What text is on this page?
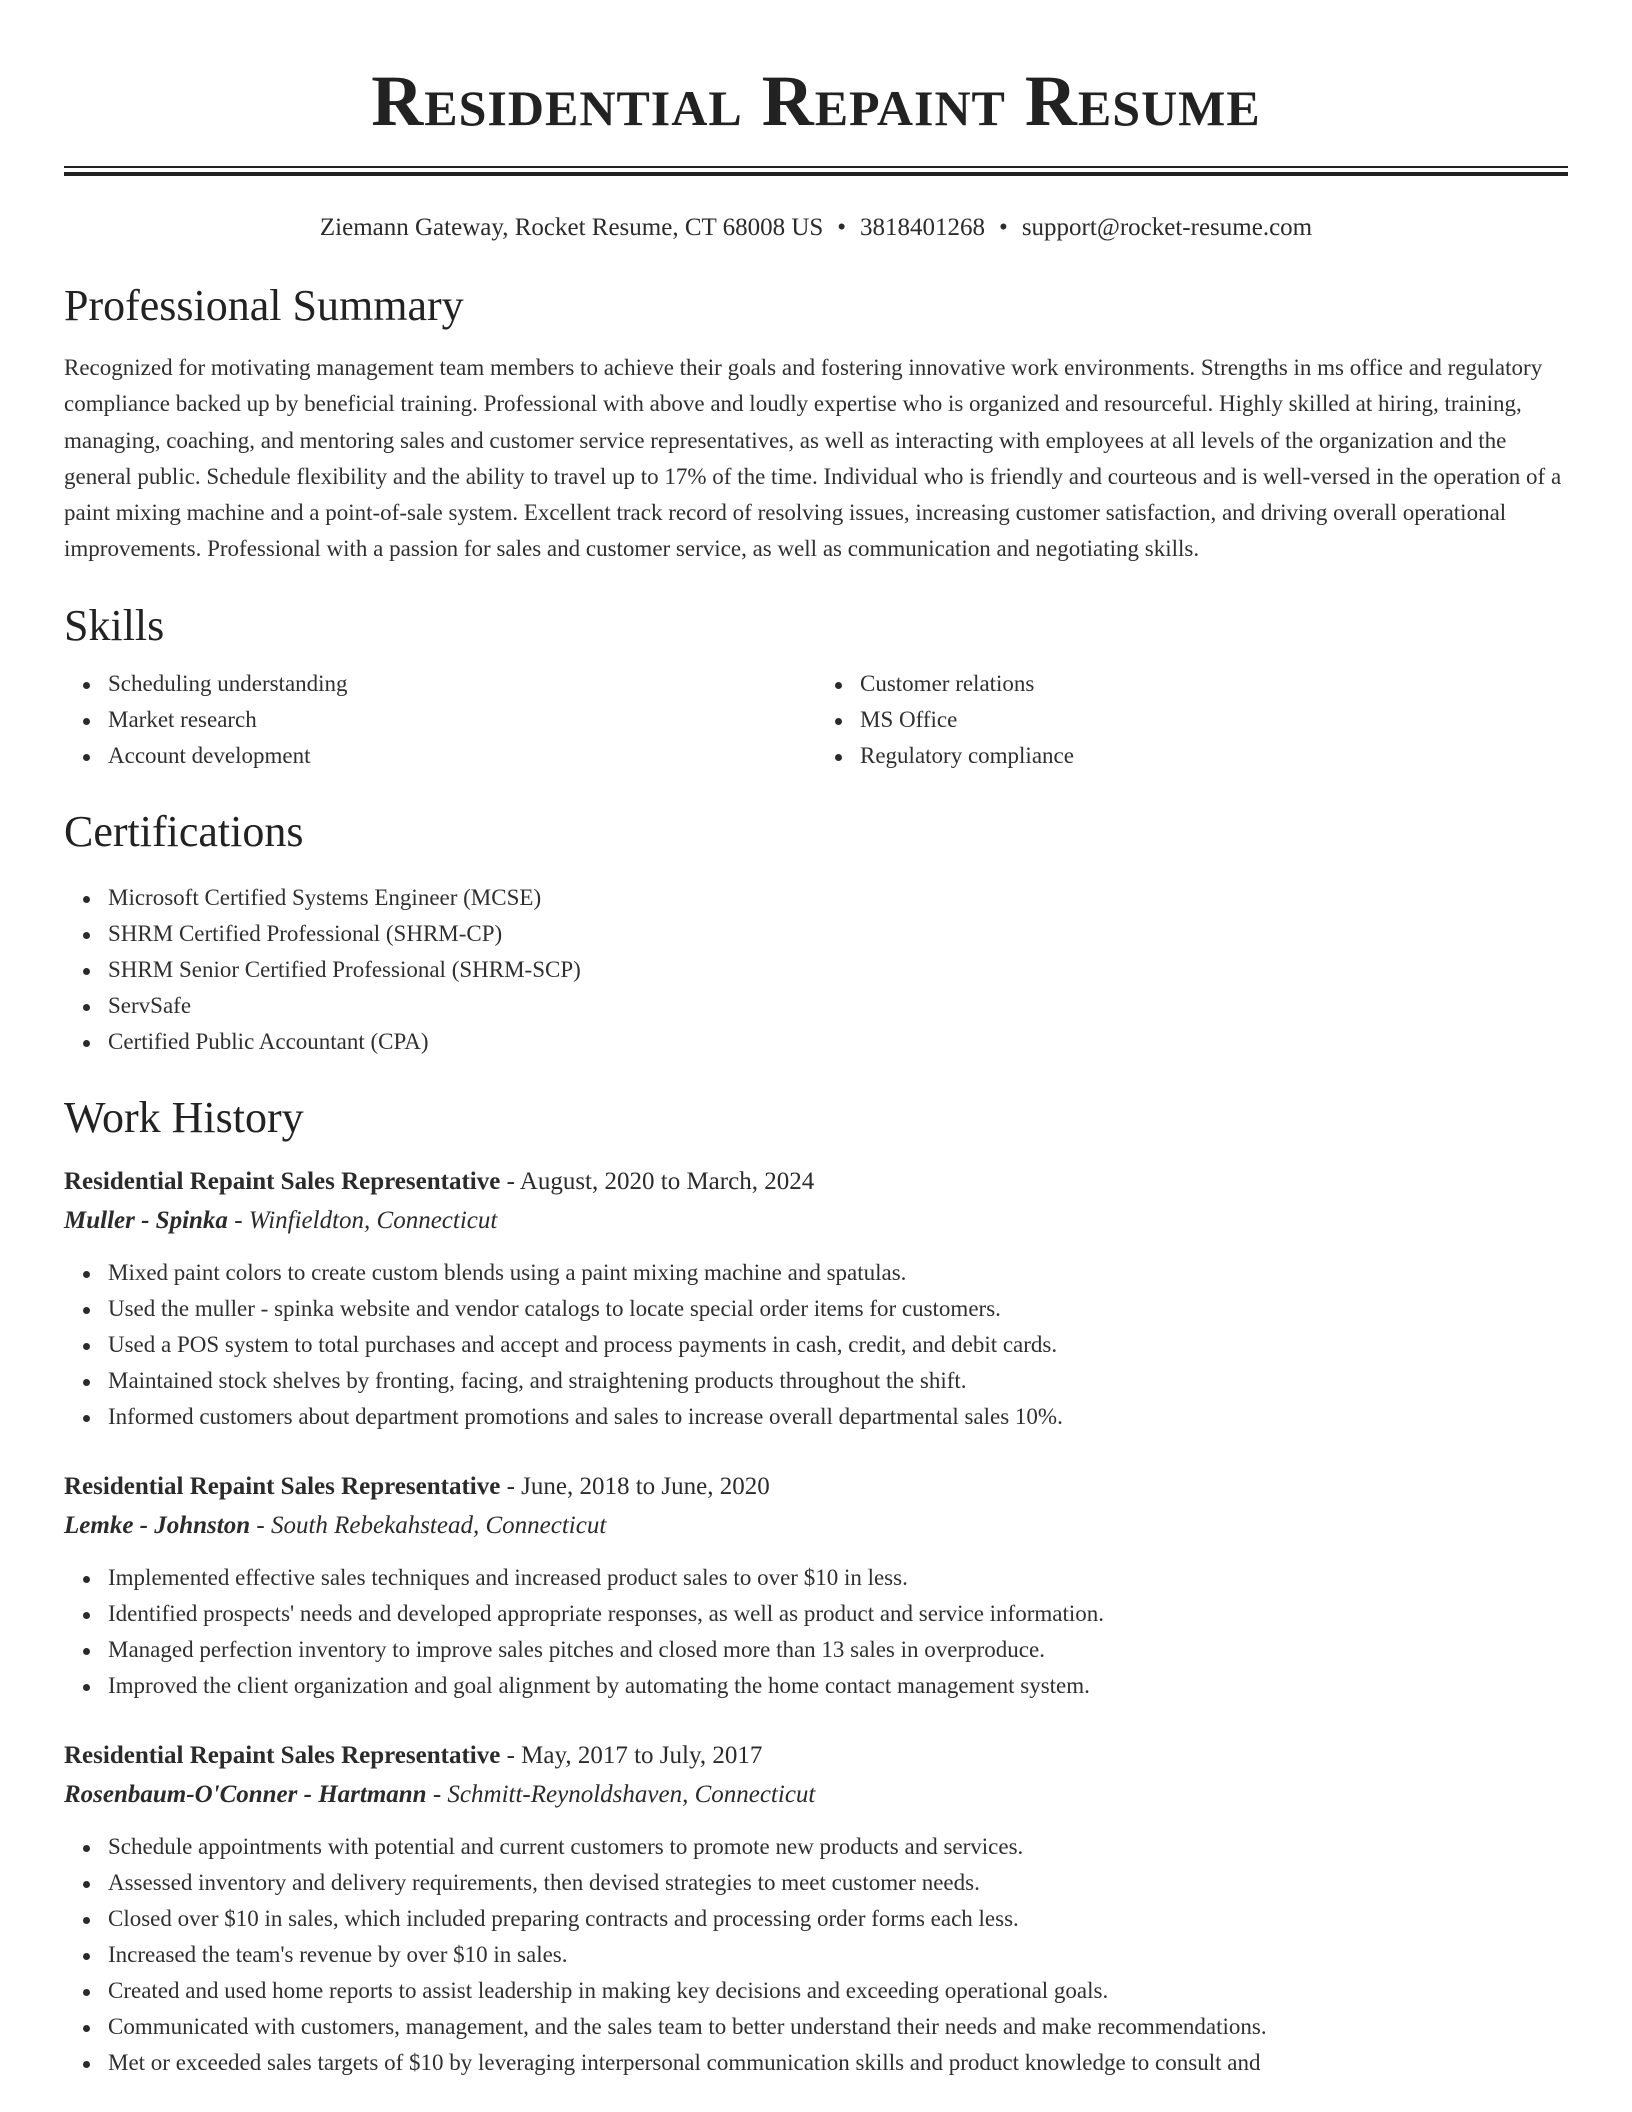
Residential Repaint Resume
Ziemann Gateway, Rocket Resume, CT 68008 US • 3818401268 • support@rocket-resume.com
Professional Summary
Recognized for motivating management team members to achieve their goals and fostering innovative work environments. Strengths in ms office and regulatory compliance backed up by beneficial training. Professional with above and loudly expertise who is organized and resourceful. Highly skilled at hiring, training, managing, coaching, and mentoring sales and customer service representatives, as well as interacting with employees at all levels of the organization and the general public. Schedule flexibility and the ability to travel up to 17% of the time. Individual who is friendly and courteous and is well-versed in the operation of a paint mixing machine and a point-of-sale system. Excellent track record of resolving issues, increasing customer satisfaction, and driving overall operational improvements. Professional with a passion for sales and customer service, as well as communication and negotiating skills.
Skills
Scheduling understanding
Market research
Account development
Customer relations
MS Office
Regulatory compliance
Certifications
Microsoft Certified Systems Engineer (MCSE)
SHRM Certified Professional (SHRM-CP)
SHRM Senior Certified Professional (SHRM-SCP)
ServSafe
Certified Public Accountant (CPA)
Work History
Residential Repaint Sales Representative - August, 2020 to March, 2024
Muller - Spinka - Winfieldton, Connecticut
Mixed paint colors to create custom blends using a paint mixing machine and spatulas.
Used the muller - spinka website and vendor catalogs to locate special order items for customers.
Used a POS system to total purchases and accept and process payments in cash, credit, and debit cards.
Maintained stock shelves by fronting, facing, and straightening products throughout the shift.
Informed customers about department promotions and sales to increase overall departmental sales 10%.
Residential Repaint Sales Representative - June, 2018 to June, 2020
Lemke - Johnston - South Rebekahstead, Connecticut
Implemented effective sales techniques and increased product sales to over $10 in less.
Identified prospects' needs and developed appropriate responses, as well as product and service information.
Managed perfection inventory to improve sales pitches and closed more than 13 sales in overproduce.
Improved the client organization and goal alignment by automating the home contact management system.
Residential Repaint Sales Representative - May, 2017 to July, 2017
Rosenbaum-O'Conner - Hartmann - Schmitt-Reynoldshaven, Connecticut
Schedule appointments with potential and current customers to promote new products and services.
Assessed inventory and delivery requirements, then devised strategies to meet customer needs.
Closed over $10 in sales, which included preparing contracts and processing order forms each less.
Increased the team's revenue by over $10 in sales.
Created and used home reports to assist leadership in making key decisions and exceeding operational goals.
Communicated with customers, management, and the sales team to better understand their needs and make recommendations.
Met or exceeded sales targets of $10 by leveraging interpersonal communication skills and product knowledge to consult and
